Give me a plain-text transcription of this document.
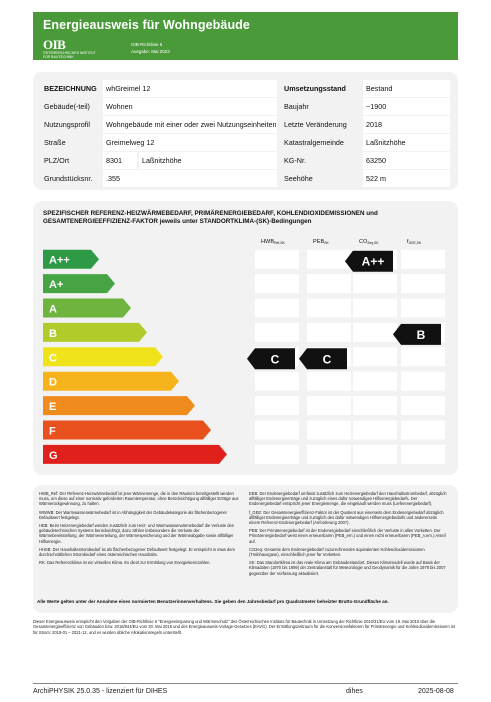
Energieausweis für Wohngebäude
OIB
ÖSTERREICHISCHES INSTITUT FÜR BAUTECHNIK
OIB-Richtlinie 6
Ausgabe: Mai 2023
BEZEICHNUNG	whGreimel 12	Umsetzungsstand	Bestand
Gebäude(-teil)	Wohnen	Baujahr	~1900
Nutzungsprofil	Wohngebäude mit einer oder zwei Nutzungseinheiten	Letzte Veränderung	2018
Straße	Greimelweg 12	Katastralgemeinde	Laßnitzhöhe
PLZ/Ort	8301	Laßnitzhöhe	KG-Nr.	63250
Grundstücksnr.	.355	Seehöhe	522 m
HWBRef,SK	PEBSK	CO2eq,SK	fGEE,SK
A++
A+
A
B
C
D
E
F
G
C	C
A++
B
SPEZIFISCHER REFERENZ-HEIZWÄRMEBEDARF, PRIMÄRENERGIEBEDARF, KOHLENDIOXIDEMISSIONEN und GESAMTENERGIEEFFIZIENZ-FAKTOR jeweils unter STANDORTKLIMA-(SK)-Bedingungen

HWB_Ref: Der Referenz-Heizwärmebedarf ist jene Wärmemenge, die in den Räumen bereitgestellt werden muss, um diese auf einer normativ geforderten Raumtemperatur, ohne Berücksichtigung allfälliger Erträge aus Wärmerückgewinnung, zu halten.

WWWB: Der Warmwasserwärmebedarf ist in Abhängigkeit der Gebäudekategorie als flächenbezogener Defaultwert festgelegt.

HEB: Beim Heizenergiebedarf werden zusätzlich zum Heiz- und Warmwasserwärmebedarf die Verluste des gebäudetechnischen Systems berücksichtigt, dazu zählen insbesondere die Verluste der Wärmebereitstellung, der Wärmeverteilung, der Wärmespeicherung und der Wärmeabgabe sowie allfälliger Hilfsenergie.

HHSB: Der Haushaltsstrombedarf ist als flächenbezogener Defaultwert festgelegt. Er entspricht in etwa dem durchschnittlichen Strombedarf eines österreichischen Haushalts.

RK: Das Referenzklima ist ein virtuelles Klima. Es dient zur Ermittlung von Energiekennzahlen.

EEB: Der Endenergiebedarf umfasst zusätzlich zum Heizenergiebedarf den Haushaltsstrombedarf, abzüglich allfälliger Endenergieerträge und zuzüglich eines dafür notwendigen Hilfsenergiebedarfs. Der Endenergiebedarf entspricht jener Energiemenge, die eingekauft werden muss (Lieferenergiebedarf).

f_GEE: Der Gesamtenergieeffizienz-Faktor ist der Quotient aus einerseits dem Endenergiebedarf abzüglich allfälliger Endenergieerträge und zuzüglich des dafür notwendigen Hilfsenergiebedarfs und andererseits einem Referenz-Endenergiebedarf (Anforderung 2007).

PEB: Der Primärenergiebedarf ist der Endenergiebedarf einschließlich der Verluste in allen Vorketten. Der Primärenergiebedarf weist einen erneuerbaren (PEB_ern.) und einen nicht erneuerbaren (PEB_n.ern.) Anteil auf.

CO2eq: Gesamte dem Endenergiebedarf zuzurechnenden äquivalenten Kohlendioxidemissionen (Treibhausgase), einschließlich jener für Vorketten.

SK: Das Standortklima ist das reale Klima am Gebäudestandort. Dieses Klimamodell wurde auf Basis der Klimadaten (1970 bis 1999) der Zentralanstalt für Meteorologie und Geodynamik für die Jahre 1978 bis 2007 gegenüber der Vorfassung aktualisiert.

Alle Werte gelten unter der Annahme eines normierten Benutzerinnenverhaltens. Sie geben den Jahresbedarf pro Quadratmeter beheizter Brutto-Grundfläche an.
Dieser Energieausweis entspricht den Vorgaben der OIB-Richtlinie 6 "Energieeinsparung und Wärmeschutz" des Österreichischen Instituts für Bautechnik in Umsetzung der Richtlinie 2010/31/EU vom 19. Mai 2010 über die Gesamtenergieeffizienz von Gebäuden bzw. 2018/844/EU vom 30. Mai 2018 und des Energieausweis-Vorlage-Gesetzes (EAVG). Der Ermittlungszeitraum für die Konversionsfaktoren für Primärenergie und Kohlendioxidemissionen ist für Strom: 2018-01 – 2021-12, und es wurden übliche Allokationsregeln unterstellt.
ArchiPHYSIK 25.0.35 - lizenziert für DIHES	dihes	2025-08-08
